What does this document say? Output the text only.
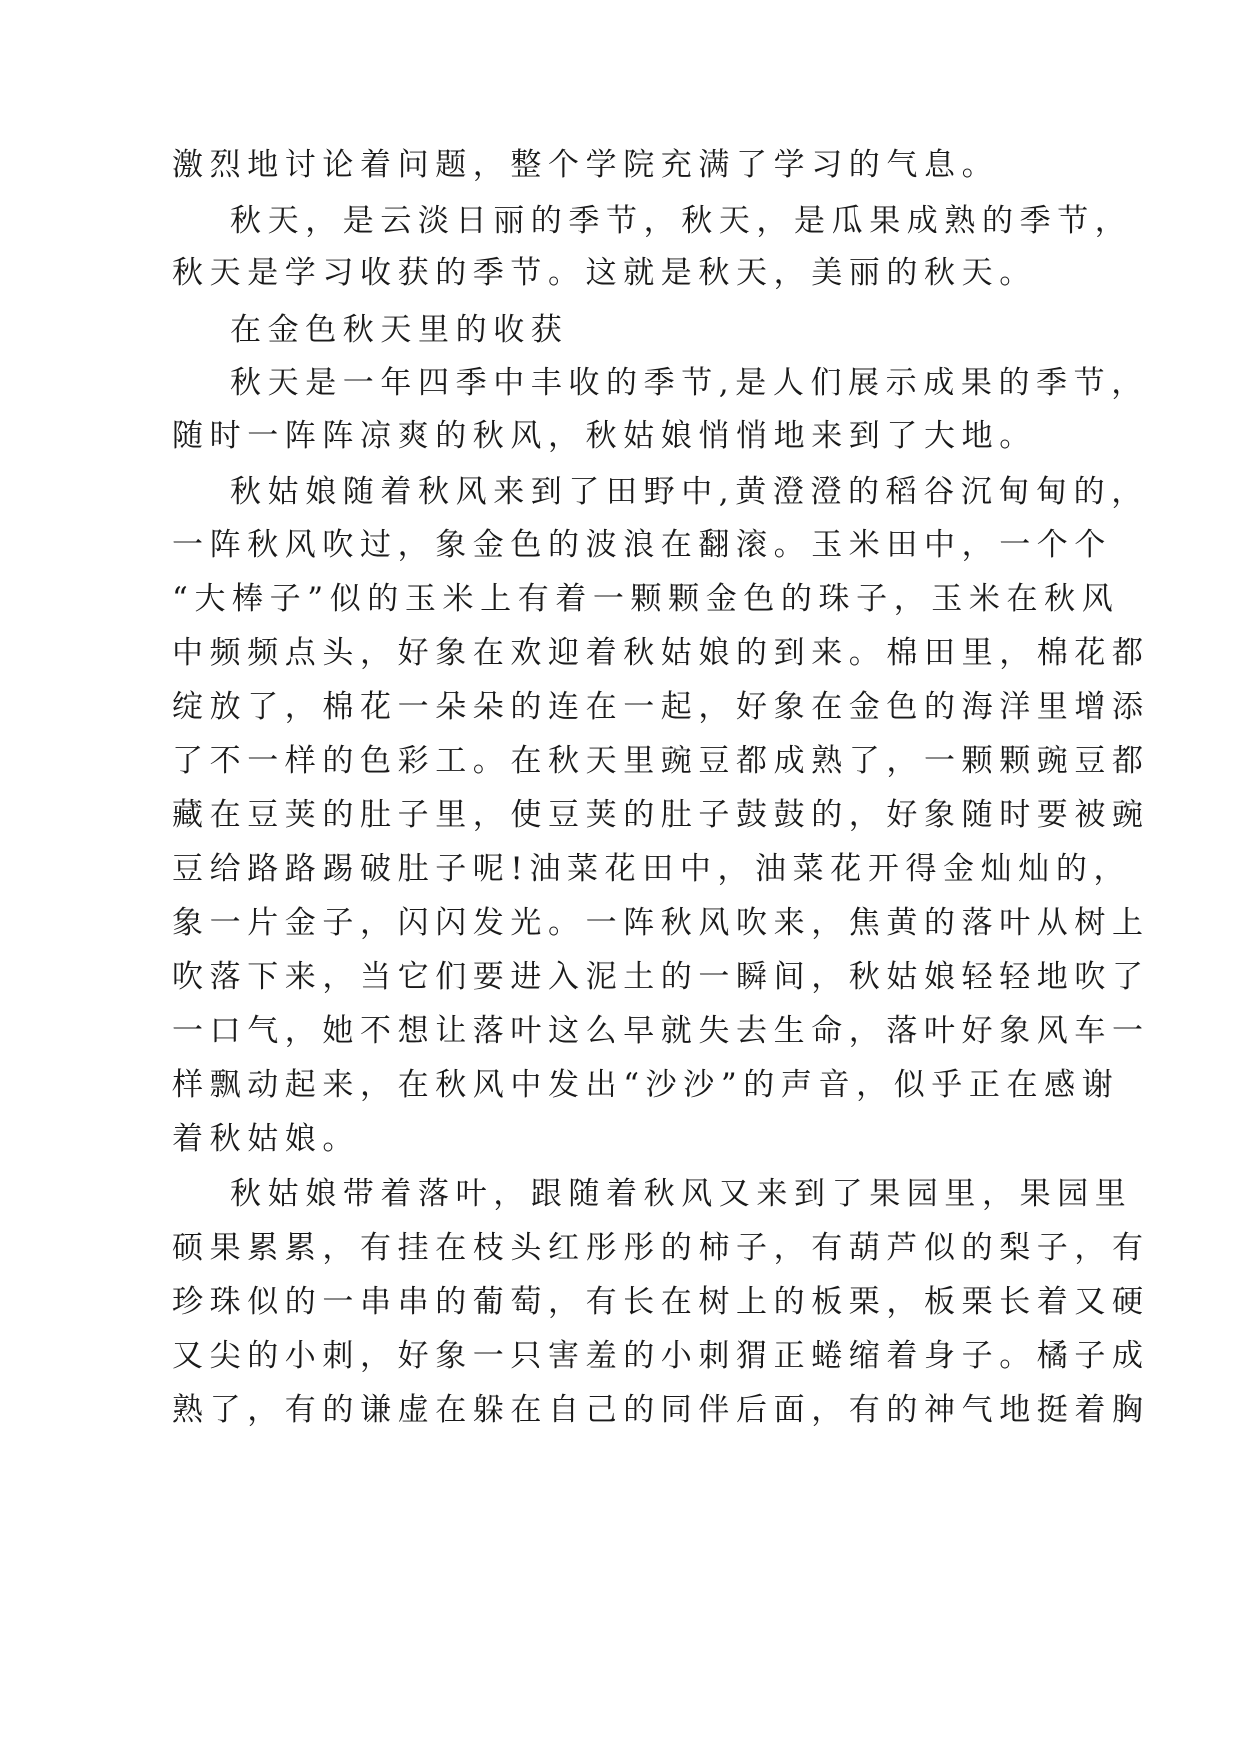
激烈地讨论着问题，整个学院充满了学习的气息。

秋天，是云淡日丽的季节，秋天，是瓜果成熟的季节，

秋天是学习收获的季节。这就是秋天，美丽的秋天。

在金色秋天里的收获

秋天是一年四季中丰收的季节,是人们展示成果的季节，

随时一阵阵凉爽的秋风，秋姑娘悄悄地来到了大地。

秋姑娘随着秋风来到了田野中,黄澄澄的稻谷沉甸甸的，

一阵秋风吹过，象金色的波浪在翻滚。玉米田中，一个个

“大棒子”似的玉米上有着一颗颗金色的珠子，玉米在秋风

中频频点头，好象在欢迎着秋姑娘的到来。棉田里，棉花都

绽放了，棉花一朵朵的连在一起，好象在金色的海洋里增添

了不一样的色彩工。在秋天里豌豆都成熟了，一颗颗豌豆都

藏在豆荚的肚子里，使豆荚的肚子鼓鼓的，好象随时要被豌

豆给路路踢破肚子呢!油菜花田中，油菜花开得金灿灿的，

象一片金子，闪闪发光。一阵秋风吹来，焦黄的落叶从树上

吹落下来，当它们要进入泥土的一瞬间，秋姑娘轻轻地吹了

一口气，她不想让落叶这么早就失去生命，落叶好象风车一

样飘动起来，在秋风中发出“沙沙”的声音，似乎正在感谢

着秋姑娘。

秋姑娘带着落叶，跟随着秋风又来到了果园里，果园里

硕果累累，有挂在枝头红彤彤的柿子，有葫芦似的梨子，有

珍珠似的一串串的葡萄，有长在树上的板栗，板栗长着又硬

又尖的小刺，好象一只害羞的小刺猬正蜷缩着身子。橘子成

熟了，有的谦虚在躲在自己的同伴后面，有的神气地挺着胸
